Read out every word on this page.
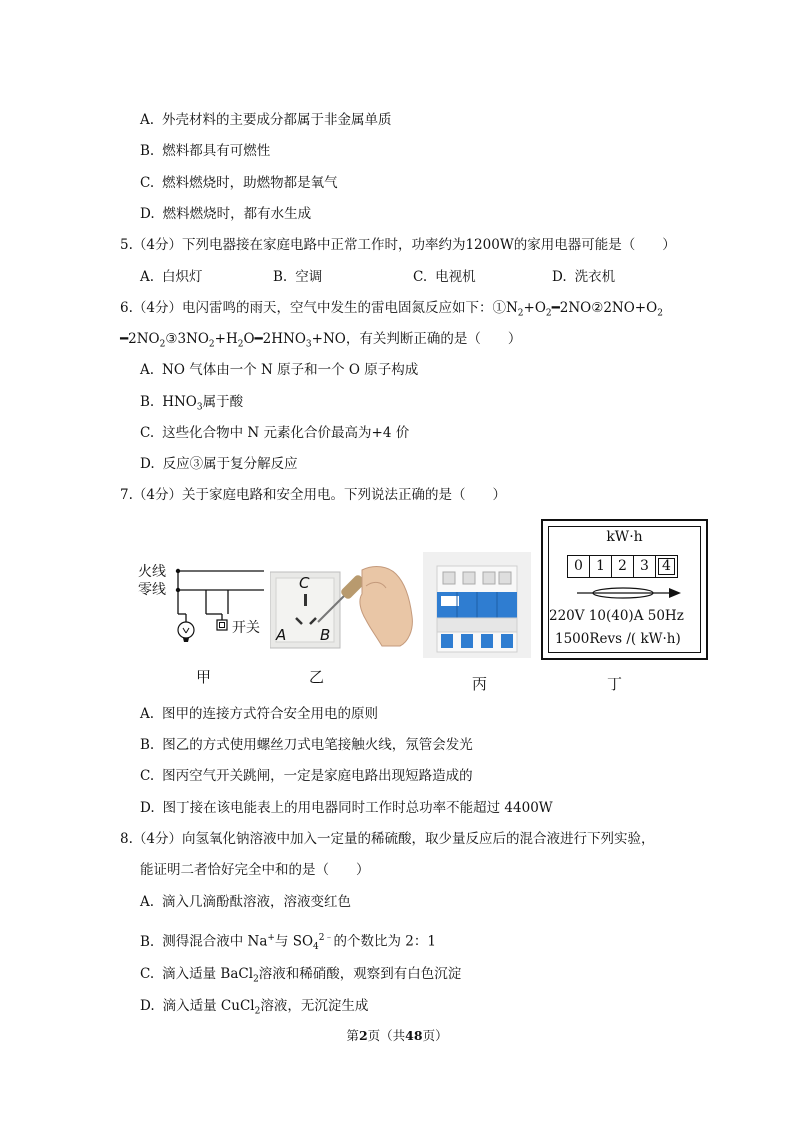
A. 外壳材料的主要成分都属于非金属单质
B. 燃料都具有可燃性
C. 燃料燃烧时，助燃物都是氧气
D. 燃料燃烧时，都有水生成
5.（4分）下列电器接在家庭电路中正常工作时，功率约为1200W的家用电器可能是（　　）
A. 白炽灯	B. 空调	C. 电视机	D. 洗衣机
6.（4分）电闪雷鸣的雨天，空气中发生的雷电固氮反应如下：$①N_2+O_2━2NO②2NO+O_2$
$━2NO_2③3NO_2+H_2O━2HNO_3+NO$，有关判断正确的是（　　）
A. NO 气体由一个 N 原子和一个 O 原子构成
B. $HNO_3$属于酸
C. 这些化合物中 N 元素化合价最高为+4 价
D. 反应③属于复分解反应
7.（4分）关于家庭电路和安全用电。下列说法正确的是（　　）
火线
零线
开关
C
A B
kW·h
0 1 2 3 4
220V 10(40)A 50Hz
1500Revs /( kW·h)
甲	乙	丙	丁
A. 图甲的连接方式符合安全用电的原则
B. 图乙的方式使用螺丝刀式电笔接触火线，氖管会发光
C. 图丙空气开关跳闸，一定是家庭电路出现短路造成的
D. 图丁接在该电能表上的用电器同时工作时总功率不能超过 4400W
8.（4分）向氢氧化钠溶液中加入一定量的稀硫酸，取少量反应后的混合液进行下列实验，
能证明二者恰好完全中和的是（　　）
A. 滴入几滴酚酞溶液，溶液变红色
B. 测得混合液中 Na+与 $SO_4^{2﹣}$的个数比为 2：1
C. 滴入适量 BaCl$_2$溶液和稀硝酸，观察到有白色沉淀
D. 滴入适量 CuCl$_2$溶液，无沉淀生成
第2页（共48页）
